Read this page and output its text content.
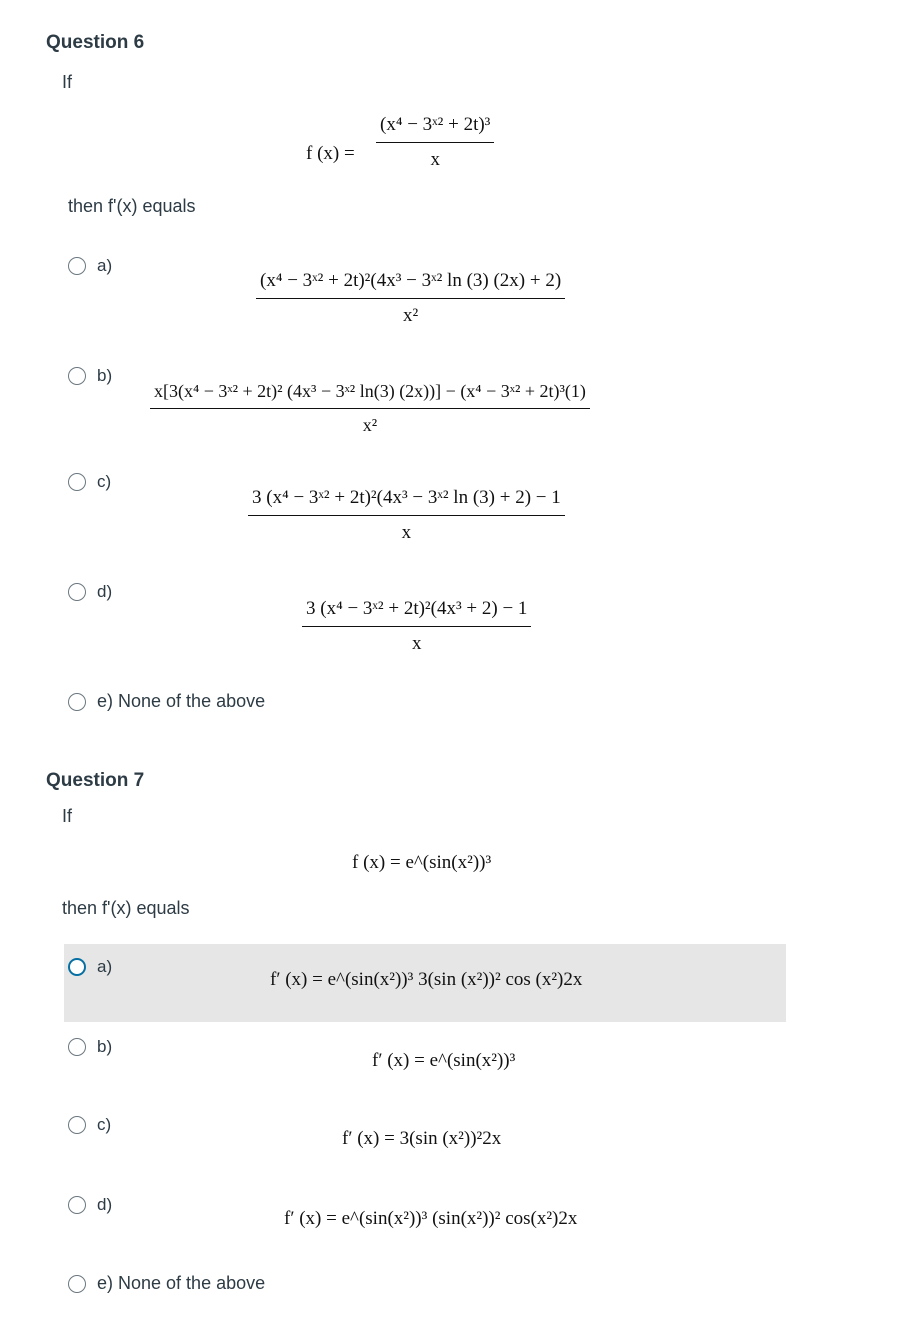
Question 6
If
f $(x) = \frac{\text{(x⁴ − 3ˣ² + 2t)³}}{x}$
then f'(x) equals
a)
$\frac{\text{(x⁴ − 3ˣ² + 2t)²(4x³ − 3ˣ² ln (3) (2x) + 2)}}{\text{x²}}$
b)
x[3(x⁴ − 3ˣ² + 2t)² (4x³ − 3ˣ² ln(3) (2x))] − (x⁴ − 3ˣ² + 2t)³(1)
x²
c)
$\frac{\text{3 (x⁴ − 3ˣ² + 2t)²(4x³ − 3ˣ² ln (3) + 2) − 1}}{x}$
d)
$\frac{\text{3 (x⁴ − 3ˣ² + 2t)²(4x³ + 2) − 1}}{x}$
e) None of the above
Question 7
If
f (x) = e^(sin(x²))³
then f'(x) equals
a)
f′ (x) = e^(sin(x²))³ 3(sin (x²))² cos (x²)2x
b)
f′ (x) = e^(sin(x²))³
c)
f′ (x) = 3(sin (x²))²2x
d)
f′ (x) = e^(sin(x²))³ (sin(x²))² cos(x²)2x
e) None of the above
